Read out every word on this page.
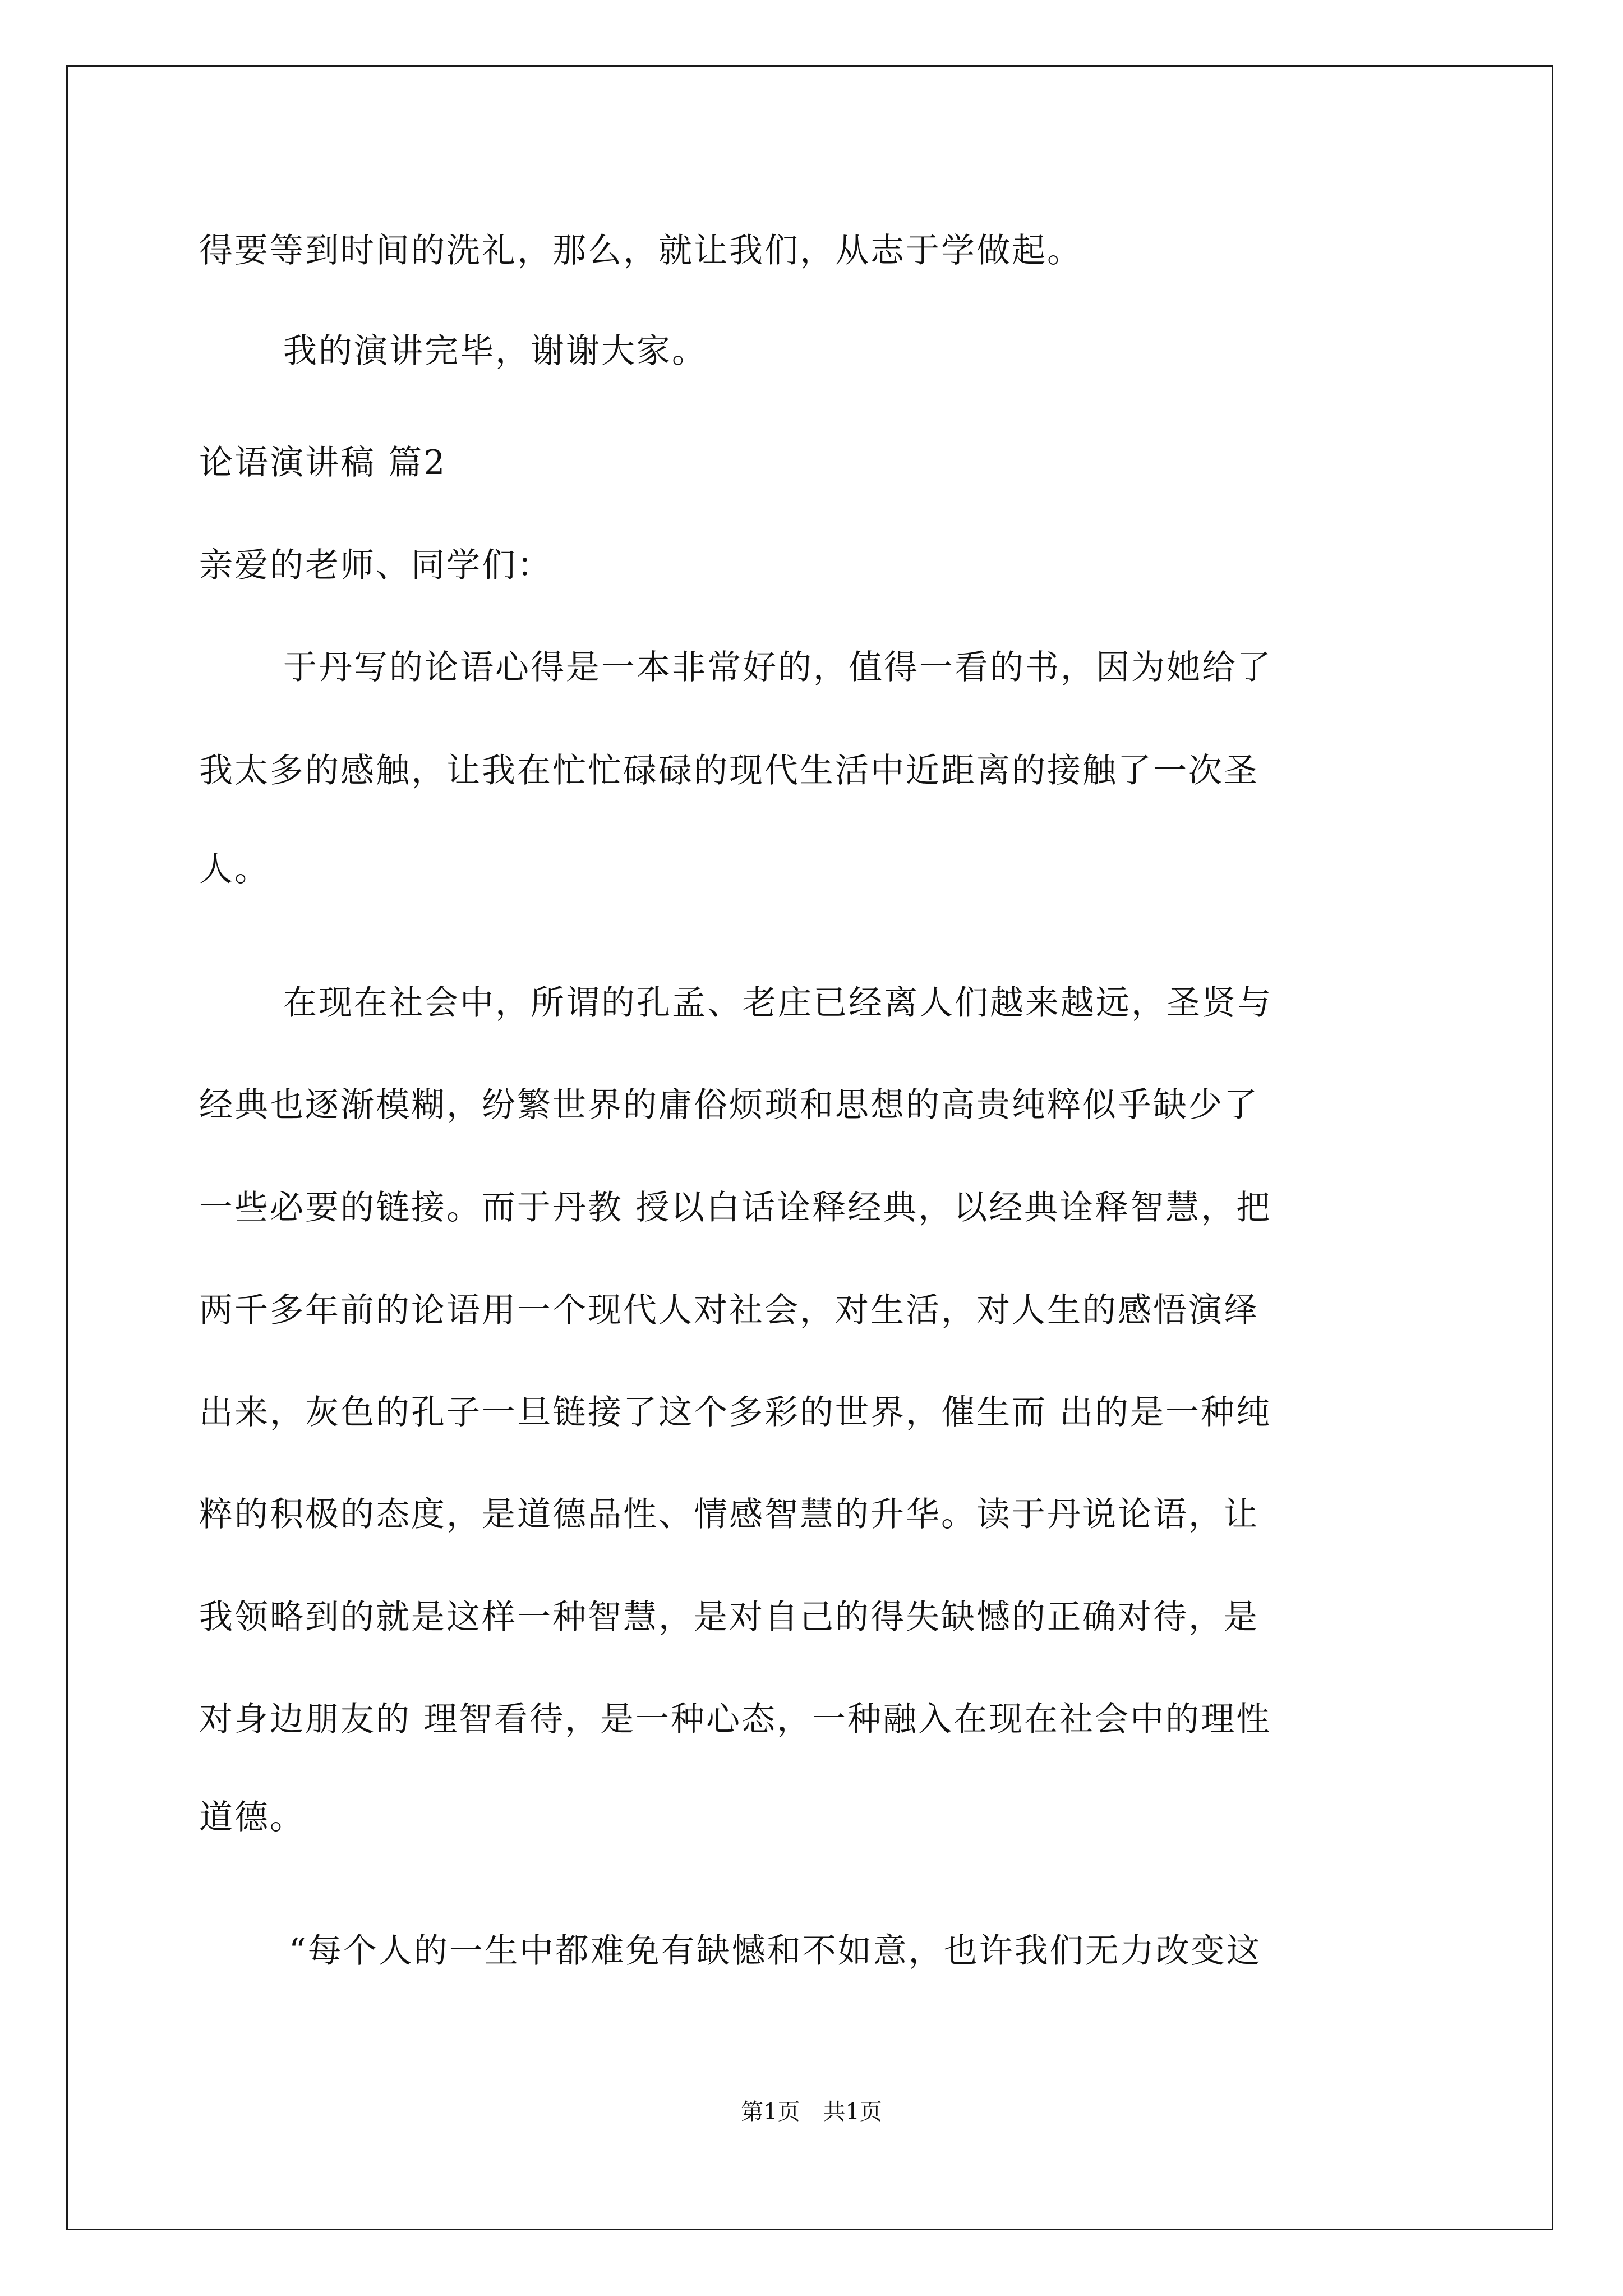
得要等到时间的洗礼，那么，就让我们，从志于学做起。
我的演讲完毕，谢谢大家。
论语演讲稿 篇2
亲爱的老师、同学们：
于丹写的论语心得是一本非常好的，值得一看的书，因为她给了
我太多的感触，让我在忙忙碌碌的现代生活中近距离的接触了一次圣
人。
在现在社会中，所谓的孔孟、老庄已经离人们越来越远，圣贤与
经典也逐渐模糊，纷繁世界的庸俗烦琐和思想的高贵纯粹似乎缺少了
一些必要的链接。而于丹教 授以白话诠释经典，以经典诠释智慧，把
两千多年前的论语用一个现代人对社会，对生活，对人生的感悟演绎
出来，灰色的孔子一旦链接了这个多彩的世界，催生而 出的是一种纯
粹的积极的态度，是道德品性、情感智慧的升华。读于丹说论语，让
我领略到的就是这样一种智慧，是对自己的得失缺憾的正确对待，是
对身边朋友的 理智看待，是一种心态，一种融入在现在社会中的理性
道德。
“每个人的一生中都难免有缺憾和不如意，也许我们无力改变这
第1页 共1页
